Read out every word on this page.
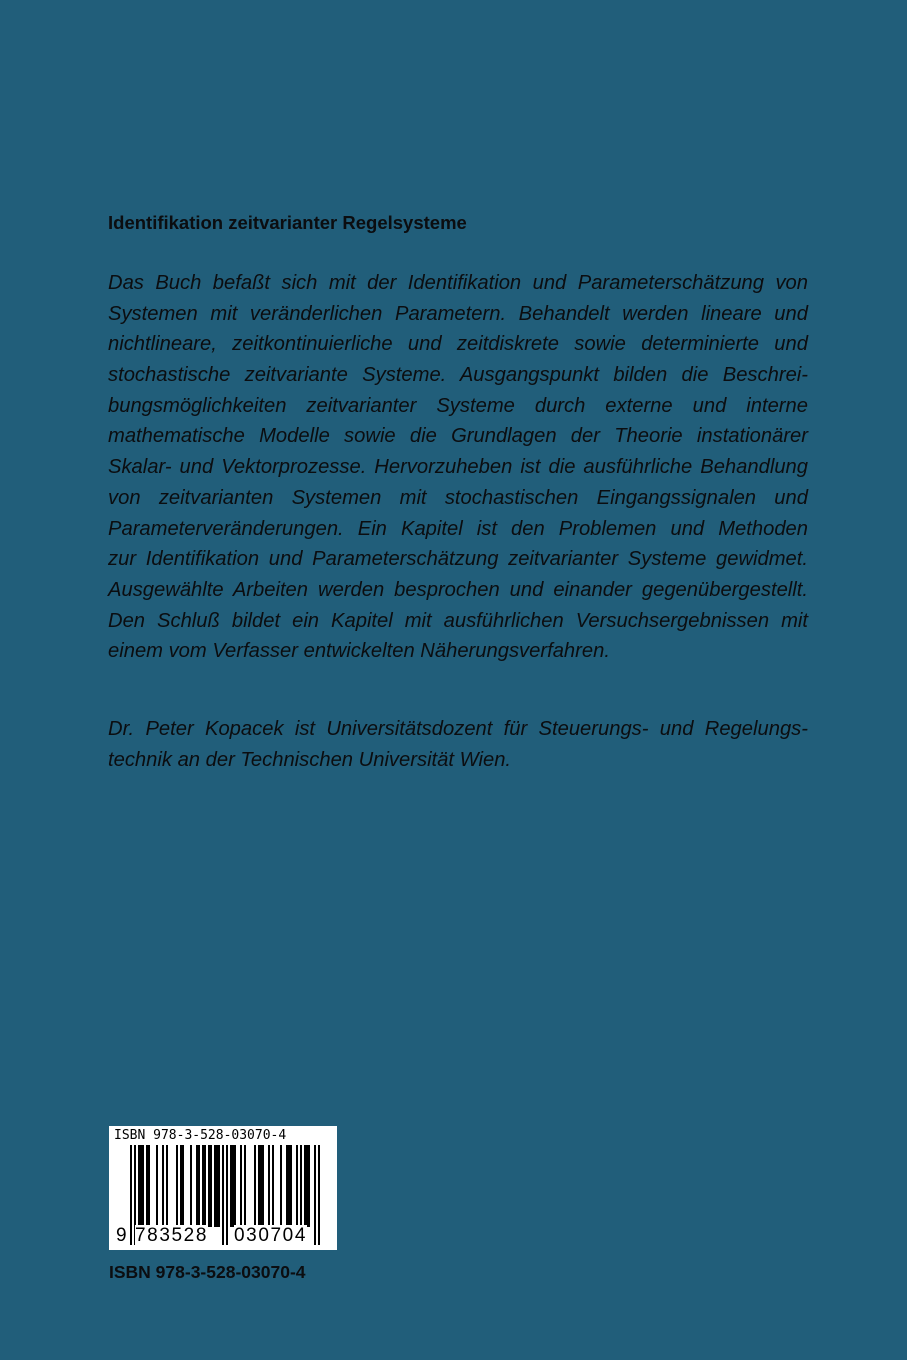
Identifikation zeitvarianter Regelsysteme
Das Buch befaßt sich mit der Identifikation und Parameterschätzung von
Systemen mit veränderlichen Parametern. Behandelt werden lineare und
nichtlineare, zeitkontinuierliche und zeitdiskrete sowie determinierte und
stochastische zeitvariante Systeme. Ausgangspunkt bilden die Beschrei-
bungsmöglichkeiten zeitvarianter Systeme durch externe und interne
mathematische Modelle sowie die Grundlagen der Theorie instationärer
Skalar- und Vektorprozesse. Hervorzuheben ist die ausführliche Behandlung
von zeitvarianten Systemen mit stochastischen Eingangssignalen und
Parameterveränderungen. Ein Kapitel ist den Problemen und Methoden
zur Identifikation und Parameterschätzung zeitvarianter Systeme gewidmet.
Ausgewählte Arbeiten werden besprochen und einander gegenübergestellt.
Den Schluß bildet ein Kapitel mit ausführlichen Versuchsergebnissen mit
einem vom Verfasser entwickelten Näherungsverfahren.
Dr. Peter Kopacek ist Universitätsdozent für Steuerungs- und Regelungs-
technik an der Technischen Universität Wien.
ISBN 978-3-528-03070-4
9 783528 030704

ISBN 978-3-528-03070-4
